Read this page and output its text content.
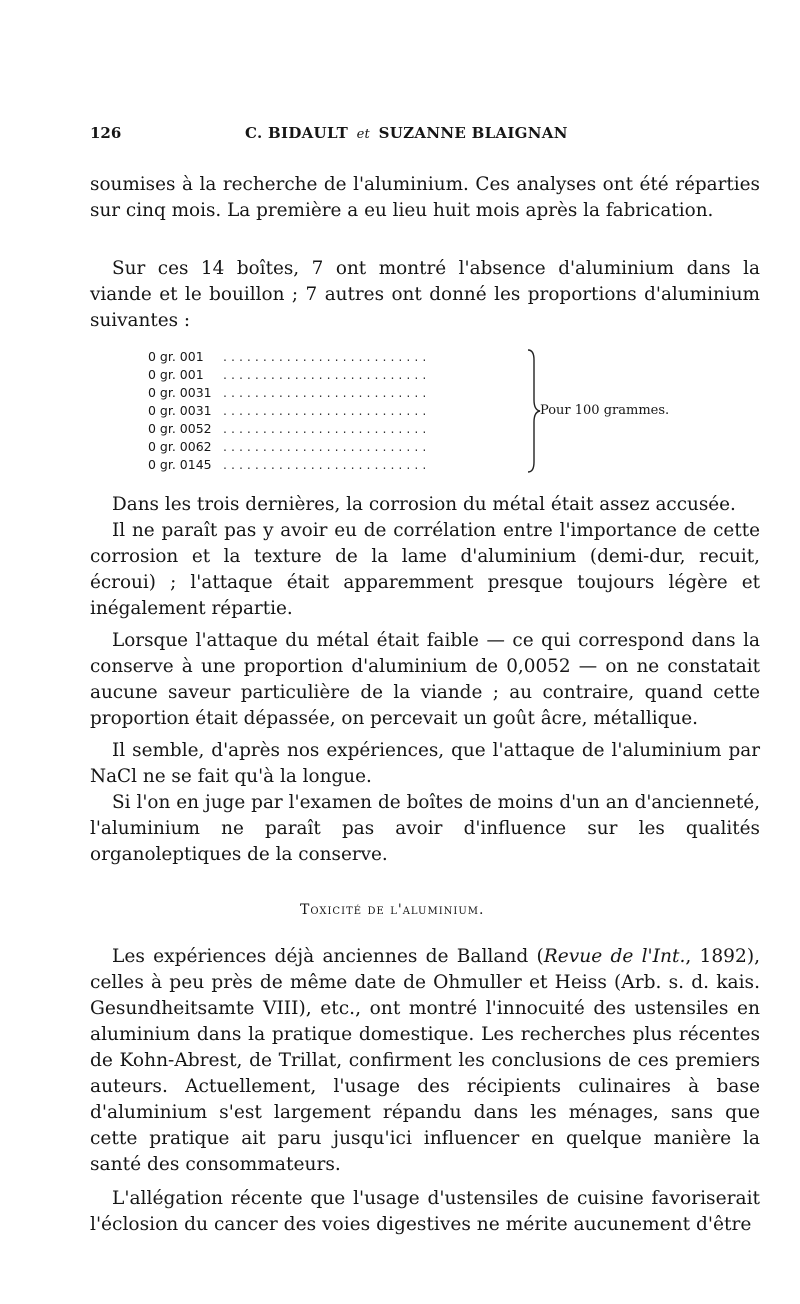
126	C. BIDAULT et SUZANNE BLAIGNAN

soumises à la recherche de l'aluminium. Ces analyses ont été réparties sur cinq mois. La première a eu lieu huit mois après la fabrication.

Sur ces 14 boîtes, 7 ont montré l'absence d'aluminium dans la viande et le bouillon ; 7 autres ont donné les proportions d'aluminium suivantes :

0 gr. 001 ..........................
0 gr. 001 ..........................
0 gr. 0031 ..........................
0 gr. 0031 ..........................
0 gr. 0052 ..........................
0 gr. 0062 ..........................
0 gr. 0145 ..........................
Pour 100 grammes.

Dans les trois dernières, la corrosion du métal était assez accusée.

Il ne paraît pas y avoir eu de corrélation entre l'importance de cette corrosion et la texture de la lame d'aluminium (demi-dur, recuit, écroui) ; l'attaque était apparemment presque toujours légère et inégalement répartie.

Lorsque l'attaque du métal était faible — ce qui correspond dans la conserve à une proportion d'aluminium de 0,0052 — on ne constatait aucune saveur particulière de la viande ; au contraire, quand cette proportion était dépassée, on percevait un goût âcre, métallique.

Il semble, d'après nos expériences, que l'attaque de l'aluminium par NaCl ne se fait qu'à la longue.

Si l'on en juge par l'examen de boîtes de moins d'un an d'ancienneté, l'aluminium ne paraît pas avoir d'influence sur les qualités organoleptiques de la conserve.

Toxicité de l'aluminium.

Les expériences déjà anciennes de Balland (Revue de l'Int., 1892), celles à peu près de même date de Ohmuller et Heiss (Arb. s. d. kais. Gesundheitsamte VIII), etc., ont montré l'innocuité des ustensiles en aluminium dans la pratique domestique. Les recherches plus récentes de Kohn-Abrest, de Trillat, confirment les conclusions de ces premiers auteurs. Actuellement, l'usage des récipients culinaires à base d'aluminium s'est largement répandu dans les ménages, sans que cette pratique ait paru jusqu'ici influencer en quelque manière la santé des consommateurs.

L'allégation récente que l'usage d'ustensiles de cuisine favoriserait l'éclosion du cancer des voies digestives ne mérite aucunement d'être
